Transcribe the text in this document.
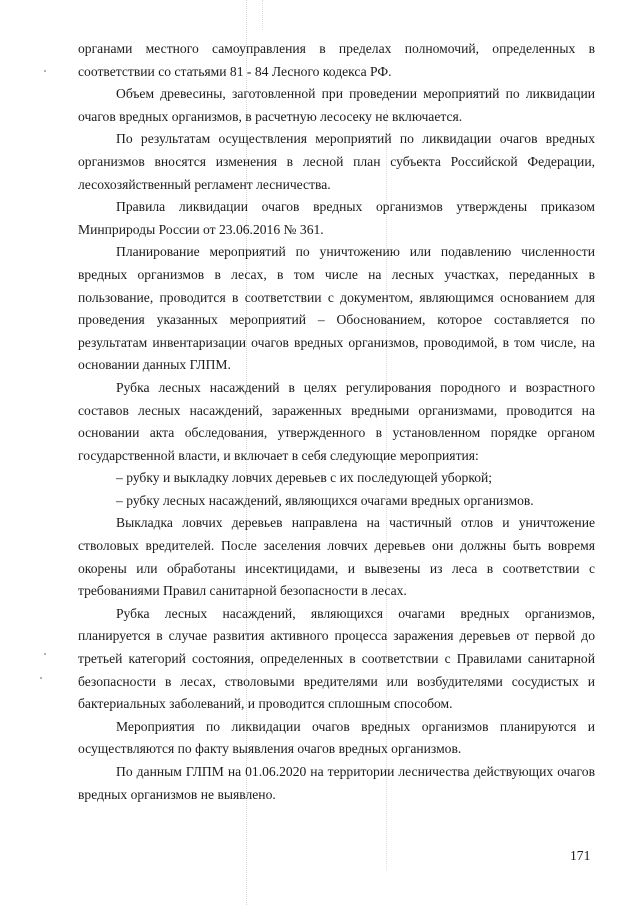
органами местного самоуправления в пределах полномочий, определенных в соответствии со статьями 81 - 84 Лесного кодекса РФ.

Объем древесины, заготовленной при проведении мероприятий по ликвидации очагов вредных организмов, в расчетную лесосеку не включается.

По результатам осуществления мероприятий по ликвидации очагов вредных организмов вносятся изменения в лесной план субъекта Российской Федерации, лесохозяйственный регламент лесничества.

Правила ликвидации очагов вредных организмов утверждены приказом Минприроды России от 23.06.2016 № 361.

Планирование мероприятий по уничтожению или подавлению численности вредных организмов в лесах, в том числе на лесных участках, переданных в пользование, проводится в соответствии с документом, являющимся основанием для проведения указанных мероприятий – Обоснованием, которое составляется по результатам инвентаризации очагов вредных организмов, проводимой, в том числе, на основании данных ГЛПМ.

Рубка лесных насаждений в целях регулирования породного и возрастного составов лесных насаждений, зараженных вредными организмами, проводится на основании акта обследования, утвержденного в установленном порядке органом государственной власти, и включает в себя следующие мероприятия:

– рубку и выкладку ловчих деревьев с их последующей уборкой;

– рубку лесных насаждений, являющихся очагами вредных организмов.

Выкладка ловчих деревьев направлена на частичный отлов и уничтожение стволовых вредителей. После заселения ловчих деревьев они должны быть вовремя окорены или обработаны инсектицидами, и вывезены из леса в соответствии с требованиями Правил санитарной безопасности в лесах.

Рубка лесных насаждений, являющихся очагами вредных организмов, планируется в случае развития активного процесса заражения деревьев от первой до третьей категорий состояния, определенных в соответствии с Правилами санитарной безопасности в лесах, стволовыми вредителями или возбудителями сосудистых и бактериальных заболеваний, и проводится сплошным способом.

Мероприятия по ликвидации очагов вредных организмов планируются и осуществляются по факту выявления очагов вредных организмов.

По данным ГЛПМ на 01.06.2020 на территории лесничества действующих очагов вредных организмов не выявлено.

171
